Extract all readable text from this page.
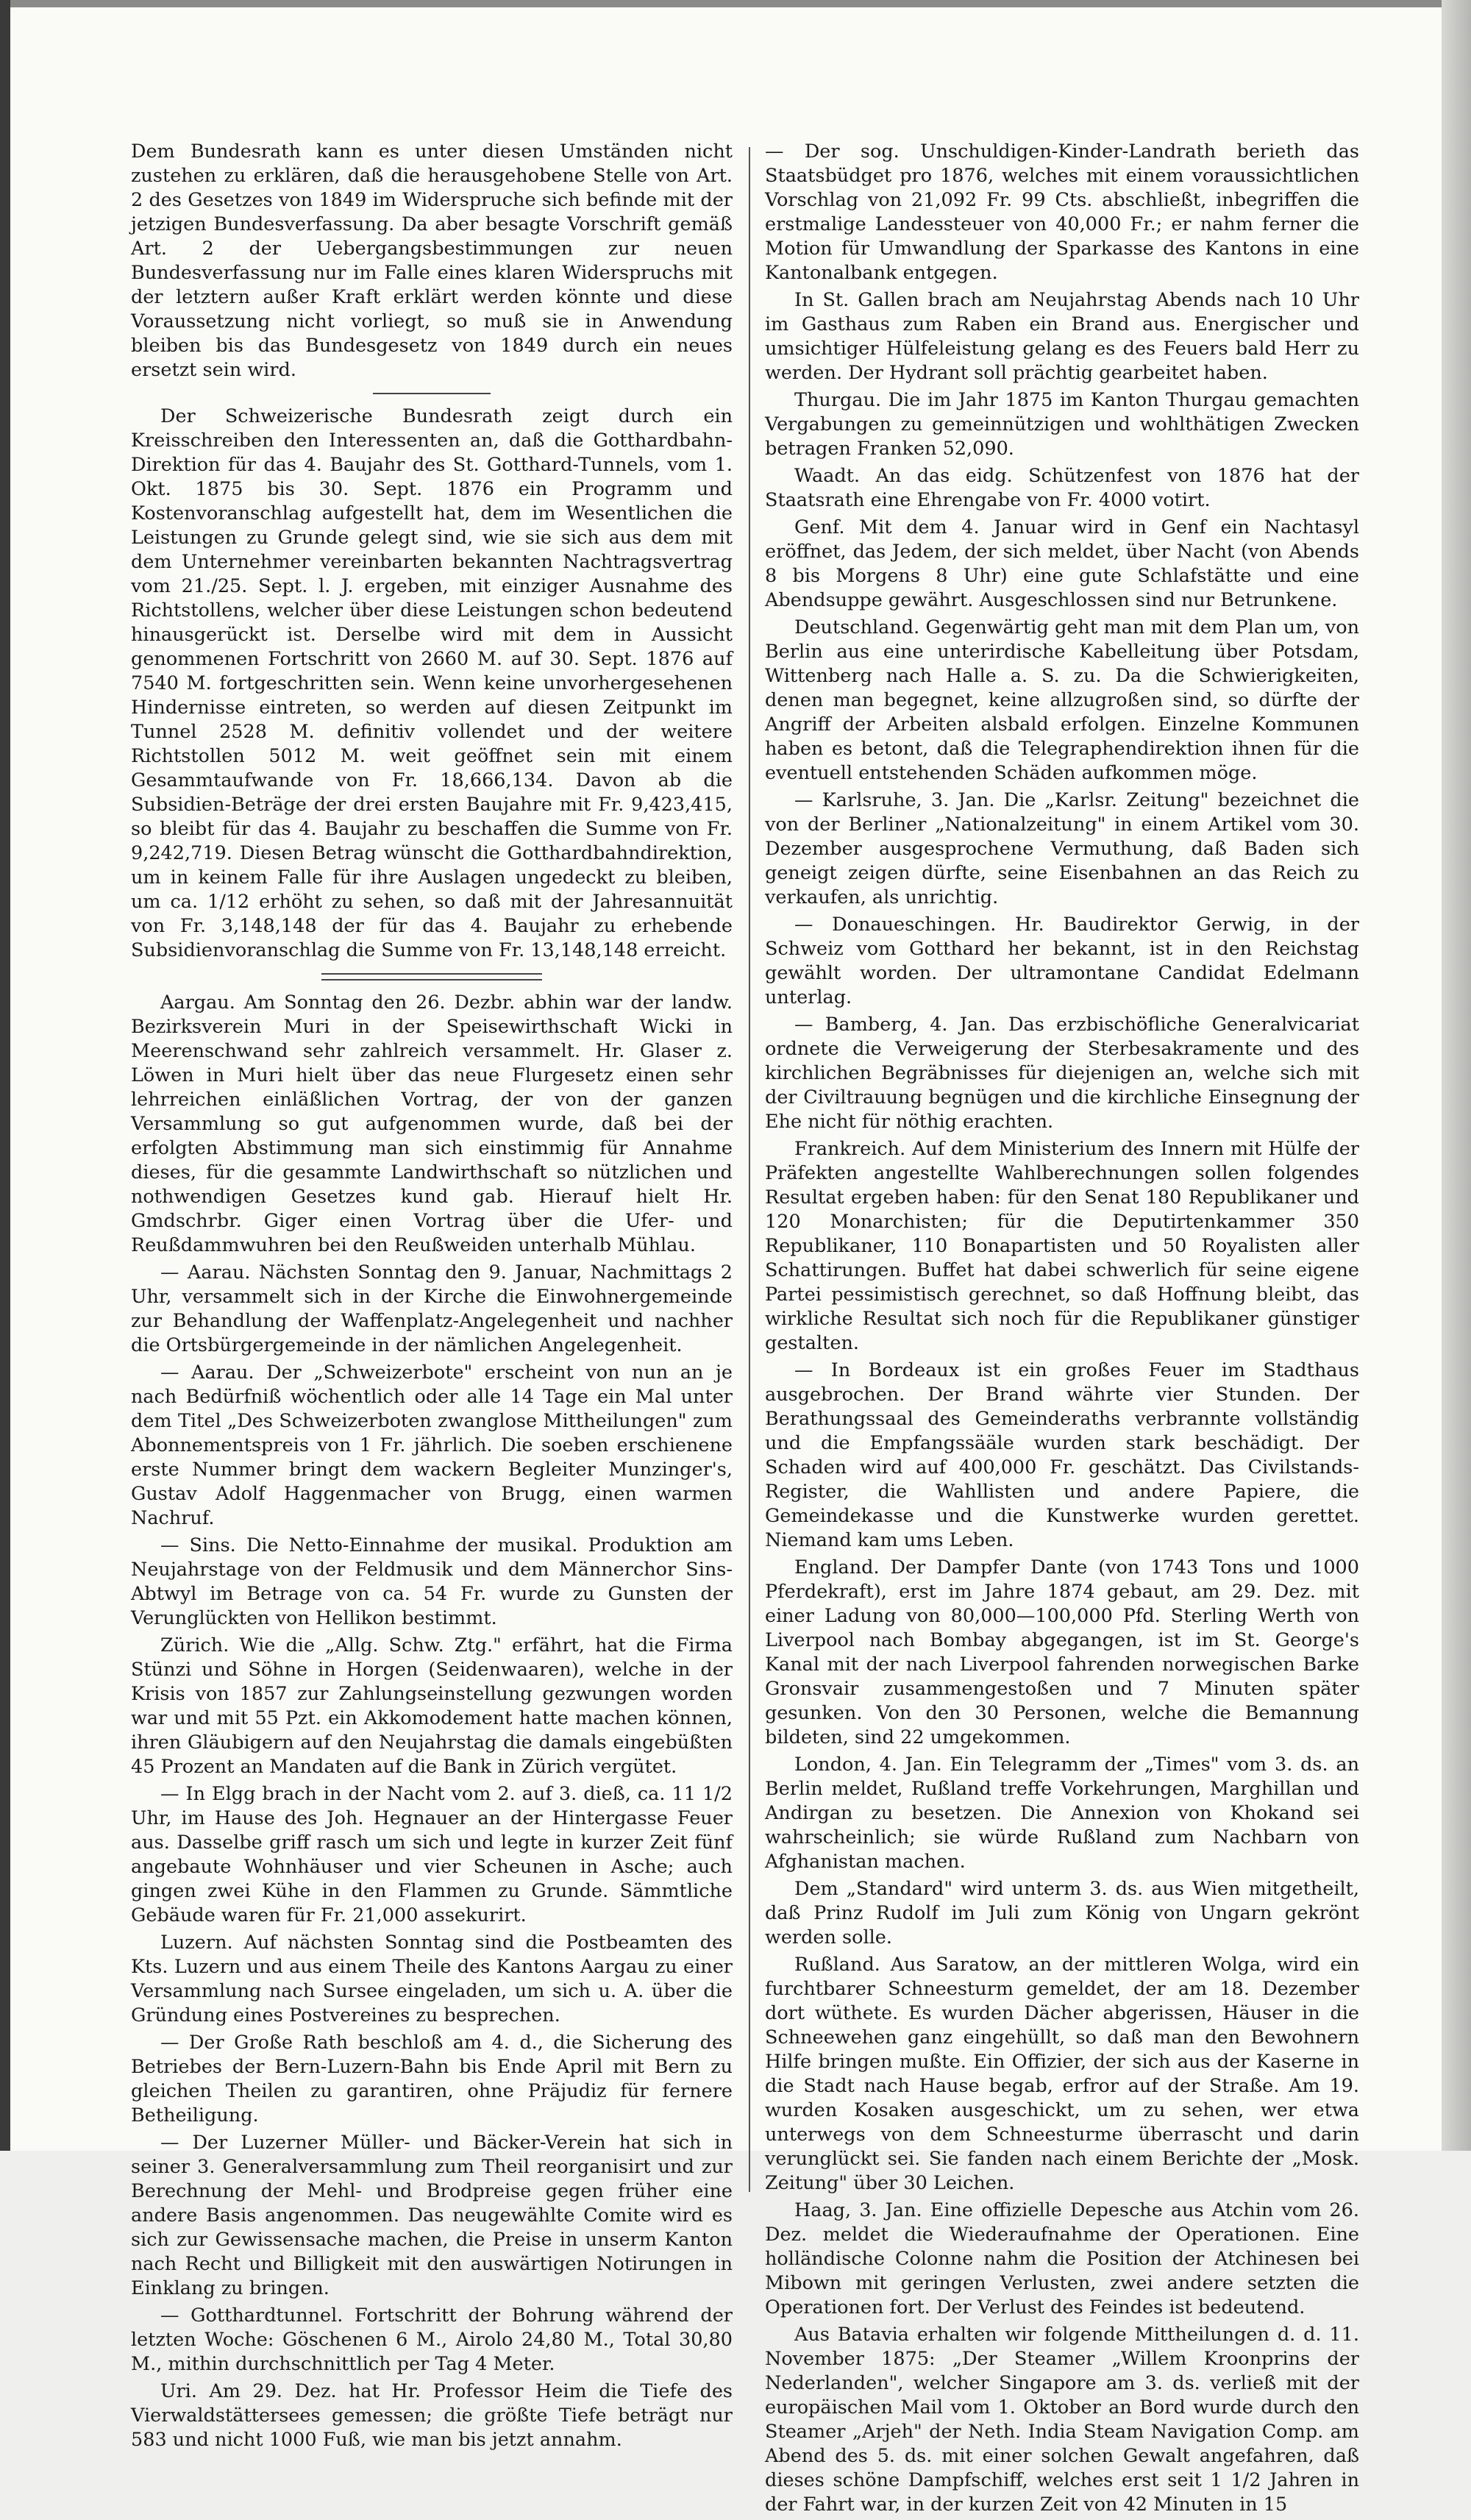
Dem Bundesrath kann es unter diesen Umständen nicht zustehen zu erklären, daß die herausgehobene Stelle von Art. 2 des Gesetzes von 1849 im Widerspruche sich befinde mit der jetzigen Bundesverfassung. Da aber besagte Vorschrift gemäß Art. 2 der Uebergangsbestimmungen zur neuen Bundesverfassung nur im Falle eines klaren Widerspruchs mit der letztern außer Kraft erklärt werden könnte und diese Voraussetzung nicht vorliegt, so muß sie in Anwendung bleiben bis das Bundesgesetz von 1849 durch ein neues ersetzt sein wird.

Der Schweizerische Bundesrath zeigt durch ein Kreisschreiben den Interessenten an, daß die Gotthardbahn-Direktion für das 4. Baujahr des St. Gotthard-Tunnels, vom 1. Okt. 1875 bis 30. Sept. 1876 ein Programm und Kostenvoranschlag aufgestellt hat, dem im Wesentlichen die Leistungen zu Grunde gelegt sind, wie sie sich aus dem mit dem Unternehmer vereinbarten bekannten Nachtragsvertrag vom 21./25. Sept. l. J. ergeben, mit einziger Ausnahme des Richtstollens, welcher über diese Leistungen schon bedeutend hinausgerückt ist. Derselbe wird mit dem in Aussicht genommenen Fortschritt von 2660 M. auf 30. Sept. 1876 auf 7540 M. fortgeschritten sein. Wenn keine unvorhergesehenen Hindernisse eintreten, so werden auf diesen Zeitpunkt im Tunnel 2528 M. definitiv vollendet und der weitere Richtstollen 5012 M. weit geöffnet sein mit einem Gesammtaufwande von Fr. 18,666,134. Davon ab die Subsidien-Beträge der drei ersten Baujahre mit Fr. 9,423,415, so bleibt für das 4. Baujahr zu beschaffen die Summe von Fr. 9,242,719. Diesen Betrag wünscht die Gotthardbahndirektion, um in keinem Falle für ihre Auslagen ungedeckt zu bleiben, um ca. 1/12 erhöht zu sehen, so daß mit der Jahresannuität von Fr. 3,148,148 der für das 4. Baujahr zu erhebende Subsidienvoranschlag die Summe von Fr. 13,148,148 erreicht.

Aargau. Am Sonntag den 26. Dezbr. abhin war der landw. Bezirksverein Muri in der Speisewirthschaft Wicki in Meerenschwand sehr zahlreich versammelt. Hr. Glaser z. Löwen in Muri hielt über das neue Flurgesetz einen sehr lehrreichen einläßlichen Vortrag, der von der ganzen Versammlung so gut aufgenommen wurde, daß bei der erfolgten Abstimmung man sich einstimmig für Annahme dieses, für die gesammte Landwirthschaft so nützlichen und nothwendigen Gesetzes kund gab. Hierauf hielt Hr. Gmdschrbr. Giger einen Vortrag über die Ufer- und Reußdammwuhren bei den Reußweiden unterhalb Mühlau.

— Aarau. Nächsten Sonntag den 9. Januar, Nachmittags 2 Uhr, versammelt sich in der Kirche die Einwohnergemeinde zur Behandlung der Waffenplatz-Angelegenheit und nachher die Ortsbürgergemeinde in der nämlichen Angelegenheit.

— Aarau. Der „Schweizerbote" erscheint von nun an je nach Bedürfniß wöchentlich oder alle 14 Tage ein Mal unter dem Titel „Des Schweizerboten zwanglose Mittheilungen" zum Abonnementspreis von 1 Fr. jährlich. Die soeben erschienene erste Nummer bringt dem wackern Begleiter Munzinger's, Gustav Adolf Haggenmacher von Brugg, einen warmen Nachruf.

— Sins. Die Netto-Einnahme der musikal. Produktion am Neujahrstage von der Feldmusik und dem Männerchor Sins-Abtwyl im Betrage von ca. 54 Fr. wurde zu Gunsten der Verunglückten von Hellikon bestimmt.

Zürich. Wie die „Allg. Schw. Ztg." erfährt, hat die Firma Stünzi und Söhne in Horgen (Seidenwaaren), welche in der Krisis von 1857 zur Zahlungseinstellung gezwungen worden war und mit 55 Pzt. ein Akkomodement hatte machen können, ihren Gläubigern auf den Neujahrstag die damals eingebüßten 45 Prozent an Mandaten auf die Bank in Zürich vergütet.

— In Elgg brach in der Nacht vom 2. auf 3. dieß, ca. 11 1/2 Uhr, im Hause des Joh. Hegnauer an der Hintergasse Feuer aus. Dasselbe griff rasch um sich und legte in kurzer Zeit fünf angebaute Wohnhäuser und vier Scheunen in Asche; auch gingen zwei Kühe in den Flammen zu Grunde. Sämmtliche Gebäude waren für Fr. 21,000 assekurirt.

Luzern. Auf nächsten Sonntag sind die Postbeamten des Kts. Luzern und aus einem Theile des Kantons Aargau zu einer Versammlung nach Sursee eingeladen, um sich u. A. über die Gründung eines Postvereines zu besprechen.

— Der Große Rath beschloß am 4. d., die Sicherung des Betriebes der Bern-Luzern-Bahn bis Ende April mit Bern zu gleichen Theilen zu garantiren, ohne Präjudiz für fernere Betheiligung.

— Der Luzerner Müller- und Bäcker-Verein hat sich in seiner 3. Generalversammlung zum Theil reorganisirt und zur Berechnung der Mehl- und Brodpreise gegen früher eine andere Basis angenommen. Das neugewählte Comite wird es sich zur Gewissensache machen, die Preise in unserm Kanton nach Recht und Billigkeit mit den auswärtigen Notirungen in Einklang zu bringen.

— Gotthardtunnel. Fortschritt der Bohrung während der letzten Woche: Göschenen 6 M., Airolo 24,80 M., Total 30,80 M., mithin durchschnittlich per Tag 4 Meter.

Uri. Am 29. Dez. hat Hr. Professor Heim die Tiefe des Vierwaldstättersees gemessen; die größte Tiefe beträgt nur 583 und nicht 1000 Fuß, wie man bis jetzt annahm.

— Der sog. Unschuldigen-Kinder-Landrath berieth das Staatsbüdget pro 1876, welches mit einem voraussichtlichen Vorschlag von 21,092 Fr. 99 Cts. abschließt, inbegriffen die erstmalige Landessteuer von 40,000 Fr.; er nahm ferner die Motion für Umwandlung der Sparkasse des Kantons in eine Kantonalbank entgegen.

In St. Gallen brach am Neujahrstag Abends nach 10 Uhr im Gasthaus zum Raben ein Brand aus. Energischer und umsichtiger Hülfeleistung gelang es des Feuers bald Herr zu werden. Der Hydrant soll prächtig gearbeitet haben.

Thurgau. Die im Jahr 1875 im Kanton Thurgau gemachten Vergabungen zu gemeinnützigen und wohlthätigen Zwecken betragen Franken 52,090.

Waadt. An das eidg. Schützenfest von 1876 hat der Staatsrath eine Ehrengabe von Fr. 4000 votirt.

Genf. Mit dem 4. Januar wird in Genf ein Nachtasyl eröffnet, das Jedem, der sich meldet, über Nacht (von Abends 8 bis Morgens 8 Uhr) eine gute Schlafstätte und eine Abendsuppe gewährt. Ausgeschlossen sind nur Betrunkene.

Deutschland. Gegenwärtig geht man mit dem Plan um, von Berlin aus eine unterirdische Kabelleitung über Potsdam, Wittenberg nach Halle a. S. zu. Da die Schwierigkeiten, denen man begegnet, keine allzugroßen sind, so dürfte der Angriff der Arbeiten alsbald erfolgen. Einzelne Kommunen haben es betont, daß die Telegraphendirektion ihnen für die eventuell entstehenden Schäden aufkommen möge.

— Karlsruhe, 3. Jan. Die „Karlsr. Zeitung" bezeichnet die von der Berliner „Nationalzeitung" in einem Artikel vom 30. Dezember ausgesprochene Vermuthung, daß Baden sich geneigt zeigen dürfte, seine Eisenbahnen an das Reich zu verkaufen, als unrichtig.

— Donaueschingen. Hr. Baudirektor Gerwig, in der Schweiz vom Gotthard her bekannt, ist in den Reichstag gewählt worden. Der ultramontane Candidat Edelmann unterlag.

— Bamberg, 4. Jan. Das erzbischöfliche Generalvicariat ordnete die Verweigerung der Sterbesakramente und des kirchlichen Begräbnisses für diejenigen an, welche sich mit der Civiltrauung begnügen und die kirchliche Einsegnung der Ehe nicht für nöthig erachten.

Frankreich. Auf dem Ministerium des Innern mit Hülfe der Präfekten angestellte Wahlberechnungen sollen folgendes Resultat ergeben haben: für den Senat 180 Republikaner und 120 Monarchisten; für die Deputirtenkammer 350 Republikaner, 110 Bonapartisten und 50 Royalisten aller Schattirungen. Buffet hat dabei schwerlich für seine eigene Partei pessimistisch gerechnet, so daß Hoffnung bleibt, das wirkliche Resultat sich noch für die Republikaner günstiger gestalten.

— In Bordeaux ist ein großes Feuer im Stadthaus ausgebrochen. Der Brand währte vier Stunden. Der Berathungssaal des Gemeinderaths verbrannte vollständig und die Empfangssääle wurden stark beschädigt. Der Schaden wird auf 400,000 Fr. geschätzt. Das Civilstands-Register, die Wahllisten und andere Papiere, die Gemeindekasse und die Kunstwerke wurden gerettet. Niemand kam ums Leben.

England. Der Dampfer Dante (von 1743 Tons und 1000 Pferdekraft), erst im Jahre 1874 gebaut, am 29. Dez. mit einer Ladung von 80,000—100,000 Pfd. Sterling Werth von Liverpool nach Bombay abgegangen, ist im St. George's Kanal mit der nach Liverpool fahrenden norwegischen Barke Gronsvair zusammengestoßen und 7 Minuten später gesunken. Von den 30 Personen, welche die Bemannung bildeten, sind 22 umgekommen.

London, 4. Jan. Ein Telegramm der „Times" vom 3. ds. an Berlin meldet, Rußland treffe Vorkehrungen, Marghillan und Andirgan zu besetzen. Die Annexion von Khokand sei wahrscheinlich; sie würde Rußland zum Nachbarn von Afghanistan machen.

Dem „Standard" wird unterm 3. ds. aus Wien mitgetheilt, daß Prinz Rudolf im Juli zum König von Ungarn gekrönt werden solle.

Rußland. Aus Saratow, an der mittleren Wolga, wird ein furchtbarer Schneesturm gemeldet, der am 18. Dezember dort wüthete. Es wurden Dächer abgerissen, Häuser in die Schneewehen ganz eingehüllt, so daß man den Bewohnern Hilfe bringen mußte. Ein Offizier, der sich aus der Kaserne in die Stadt nach Hause begab, erfror auf der Straße. Am 19. wurden Kosaken ausgeschickt, um zu sehen, wer etwa unterwegs von dem Schneesturme überrascht und darin verunglückt sei. Sie fanden nach einem Berichte der „Mosk. Zeitung" über 30 Leichen.

Haag, 3. Jan. Eine offizielle Depesche aus Atchin vom 26. Dez. meldet die Wiederaufnahme der Operationen. Eine holländische Colonne nahm die Position der Atchinesen bei Mibown mit geringen Verlusten, zwei andere setzten die Operationen fort. Der Verlust des Feindes ist bedeutend.

Aus Batavia erhalten wir folgende Mittheilungen d. d. 11. November 1875: „Der Steamer „Willem Kroonprins der Nederlanden", welcher Singapore am 3. ds. verließ mit der europäischen Mail vom 1. Oktober an Bord wurde durch den Steamer „Arjeh" der Neth. India Steam Navigation Comp. am Abend des 5. ds. mit einer solchen Gewalt angefahren, daß dieses schöne Dampfschiff, welches erst seit 1 1/2 Jahren in der Fahrt war, in der kurzen Zeit von 42 Minuten in 15
